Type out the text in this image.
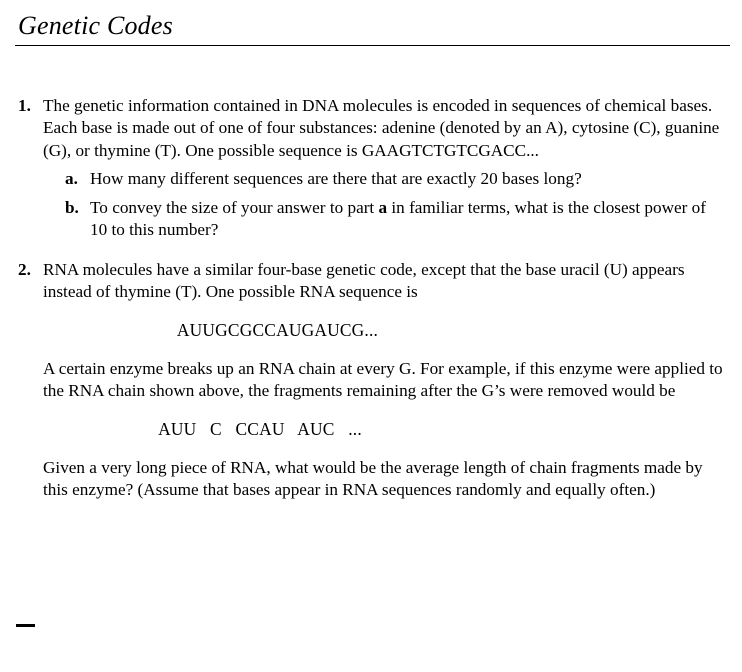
Genetic Codes
1. The genetic information contained in DNA molecules is encoded in sequences of chemical bases. Each base is made out of one of four substances: adenine (denoted by an A), cytosine (C), guanine (G), or thymine (T). One possible sequence is GAAGTCTGTCGACC...
a. How many different sequences are there that are exactly 20 bases long?
b. To convey the size of your answer to part a in familiar terms, what is the closest power of 10 to this number?
2. RNA molecules have a similar four-base genetic code, except that the base uracil (U) appears instead of thymine (T). One possible RNA sequence is
AUUGCGCCAUGAUCG...
A certain enzyme breaks up an RNA chain at every G. For example, if this enzyme were applied to the RNA chain shown above, the fragments remaining after the G’s were removed would be
AUU   C   CCAU   AUC   ...
Given a very long piece of RNA, what would be the average length of chain fragments made by this enzyme? (Assume that bases appear in RNA sequences randomly and equally often.)
